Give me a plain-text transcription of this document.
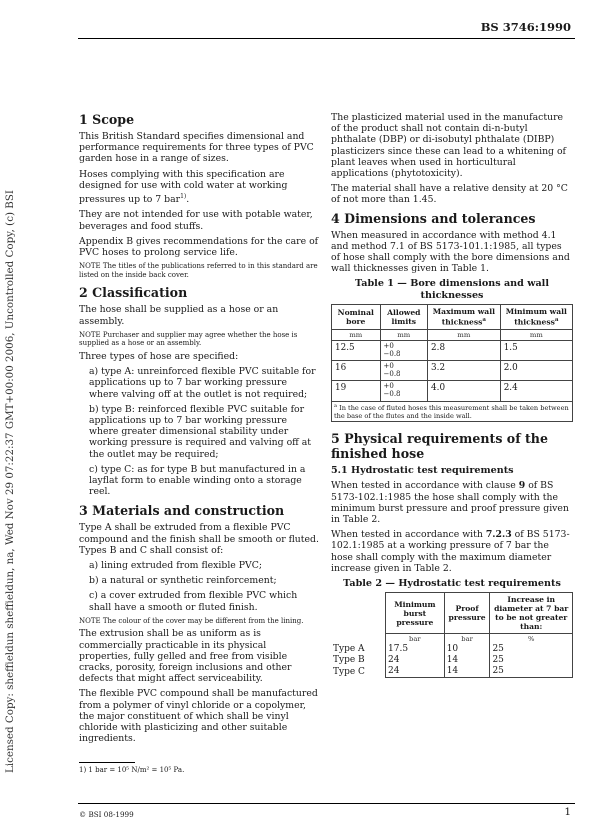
BS 3746:1990
Licensed Copy: sheffieldun sheffieldun, na, Wed Nov 29 07:22:37 GMT+00:00 2006, Uncontrolled Copy, (c) BSI
1 Scope

This British Standard specifies dimensional and performance requirements for three types of PVC garden hose in a range of sizes.

Hoses complying with this specification are designed for use with cold water at working pressures up to 7 bar$^{1)}$.

They are not intended for use with potable water, beverages and food stuffs.

Appendix B gives recommendations for the care of PVC hoses to prolong service life.

NOTE The titles of the publications referred to in this standard are listed on the inside back cover.

2 Classification

The hose shall be supplied as a hose or an assembly.

NOTE Purchaser and supplier may agree whether the hose is supplied as a hose or an assembly.

Three types of hose are specified:

a) type A: unreinforced flexible PVC suitable for applications up to 7 bar working pressure where valving off at the outlet is not required;

b) type B: reinforced flexible PVC suitable for applications up to 7 bar working pressure where greater dimensional stability under working pressure is required and valving off at the outlet may be required;

c) type C: as for type B but manufactured in a layflat form to enable winding onto a storage reel.

3 Materials and construction

Type A shall be extruded from a flexible PVC compound and the finish shall be smooth or fluted. Types B and C shall consist of:

a) lining extruded from flexible PVC;

b) a natural or synthetic reinforcement;

c) a cover extruded from flexible PVC which shall have a smooth or fluted finish.

NOTE The colour of the cover may be different from the lining.

The extrusion shall be as uniform as is commercially practicable in its physical properties, fully gelled and free from visible cracks, porosity, foreign inclusions and other defects that might affect serviceability.

The flexible PVC compound shall be manufactured from a polymer of vinyl chloride or a copolymer, the major constituent of which shall be vinyl chloride with plasticizing and other suitable ingredients.

The plasticized material used in the manufacture of the product shall not contain di-n-butyl phthalate (DBP) or di-isobutyl phthalate (DIBP) plasticizers since these can lead to a whitening of plant leaves when used in horticultural applications (phytotoxicity).

The material shall have a relative density at 20 °C of not more than 1.45.

4 Dimensions and tolerances

When measured in accordance with method 4.1 and method 7.1 of BS 5173-101.1:1985, all types of hose shall comply with the bore dimensions and wall thicknesses given in Table 1.

Table 1 — Bore dimensions and wall thicknesses
Nominal bore	Allowed limits	Maximum wall thickness$^a$	Minimum wall thickness$^a$
mm	mm	mm	mm
12.5	+0
−0.8	2.8	1.5
16	+0
−0.8	3.2	2.0
19	+0
−0.8	4.0	2.4
$^a$ In the case of fluted hoses this measurement shall be taken between the base of the flutes and the inside wall.			
5 Physical requirements of the finished hose
5.1 Hydrostatic test requirements

When tested in accordance with clause 9 of BS 5173-102.1:1985 the hose shall comply with the minimum burst pressure and proof pressure given in Table 2.

When tested in accordance with 7.2.3 of BS 5173-102.1:1985 at a working pressure of 7 bar the hose shall comply with the maximum diameter increase given in Table 2.

Table 2 — Hydrostatic test requirements
	Minimum burst pressure	Proof pressure	Increase in diameter at 7 bar to be not greater than:
	bar	bar	%
Type A	17.5	10	25
Type B	24	14	25
Type C	24	14	25
1) 1 bar = 10⁵ N/m² = 10⁵ Pa.
© BSI 08-1999	1
